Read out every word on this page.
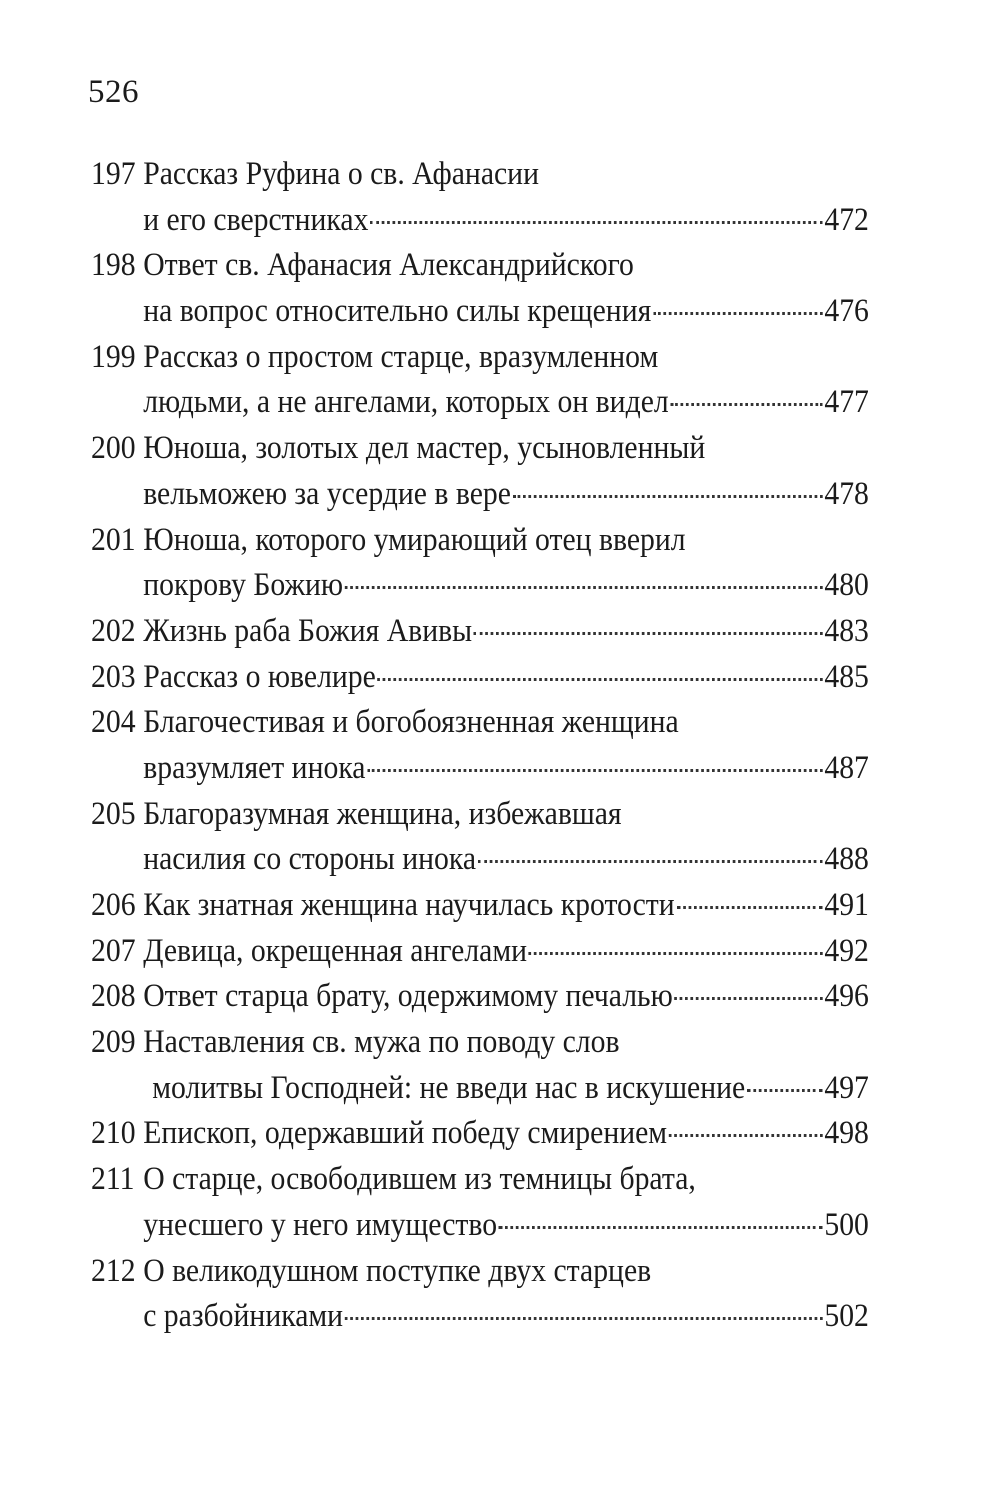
526
197 Рассказ Руфина о св. Афанасии
и его сверстниках	472
198 Ответ св. Афанасия Александрийского
на вопрос относительно силы крещения	476
199 Рассказ о простом старце, вразумленном
людьми, а не ангелами, которых он видел	477
200 Юноша, золотых дел мастер, усыновленный
вельможею за усердие в вере	478
201 Юноша, которого умирающий отец вверил
покрову Божию	480
202 Жизнь раба Божия Авивы	483
203 Рассказ о ювелире	485
204 Благочестивая и богобоязненная женщина
вразумляет инока	487
205 Благоразумная женщина, избежавшая
насилия со стороны инока	488
206 Как знатная женщина научилась кротости	491
207 Девица, окрещенная ангелами	492
208 Ответ старца брату, одержимому печалью	496
209 Наставления св. мужа по поводу слов
молитвы Господней: не введи нас в искушение 497
210 Епископ, одержавший победу смирением	498
211 О старце, освободившем из темницы брата,
унесшего у него имущество	500
212 О великодушном поступке двух старцев
с разбойниками	502
